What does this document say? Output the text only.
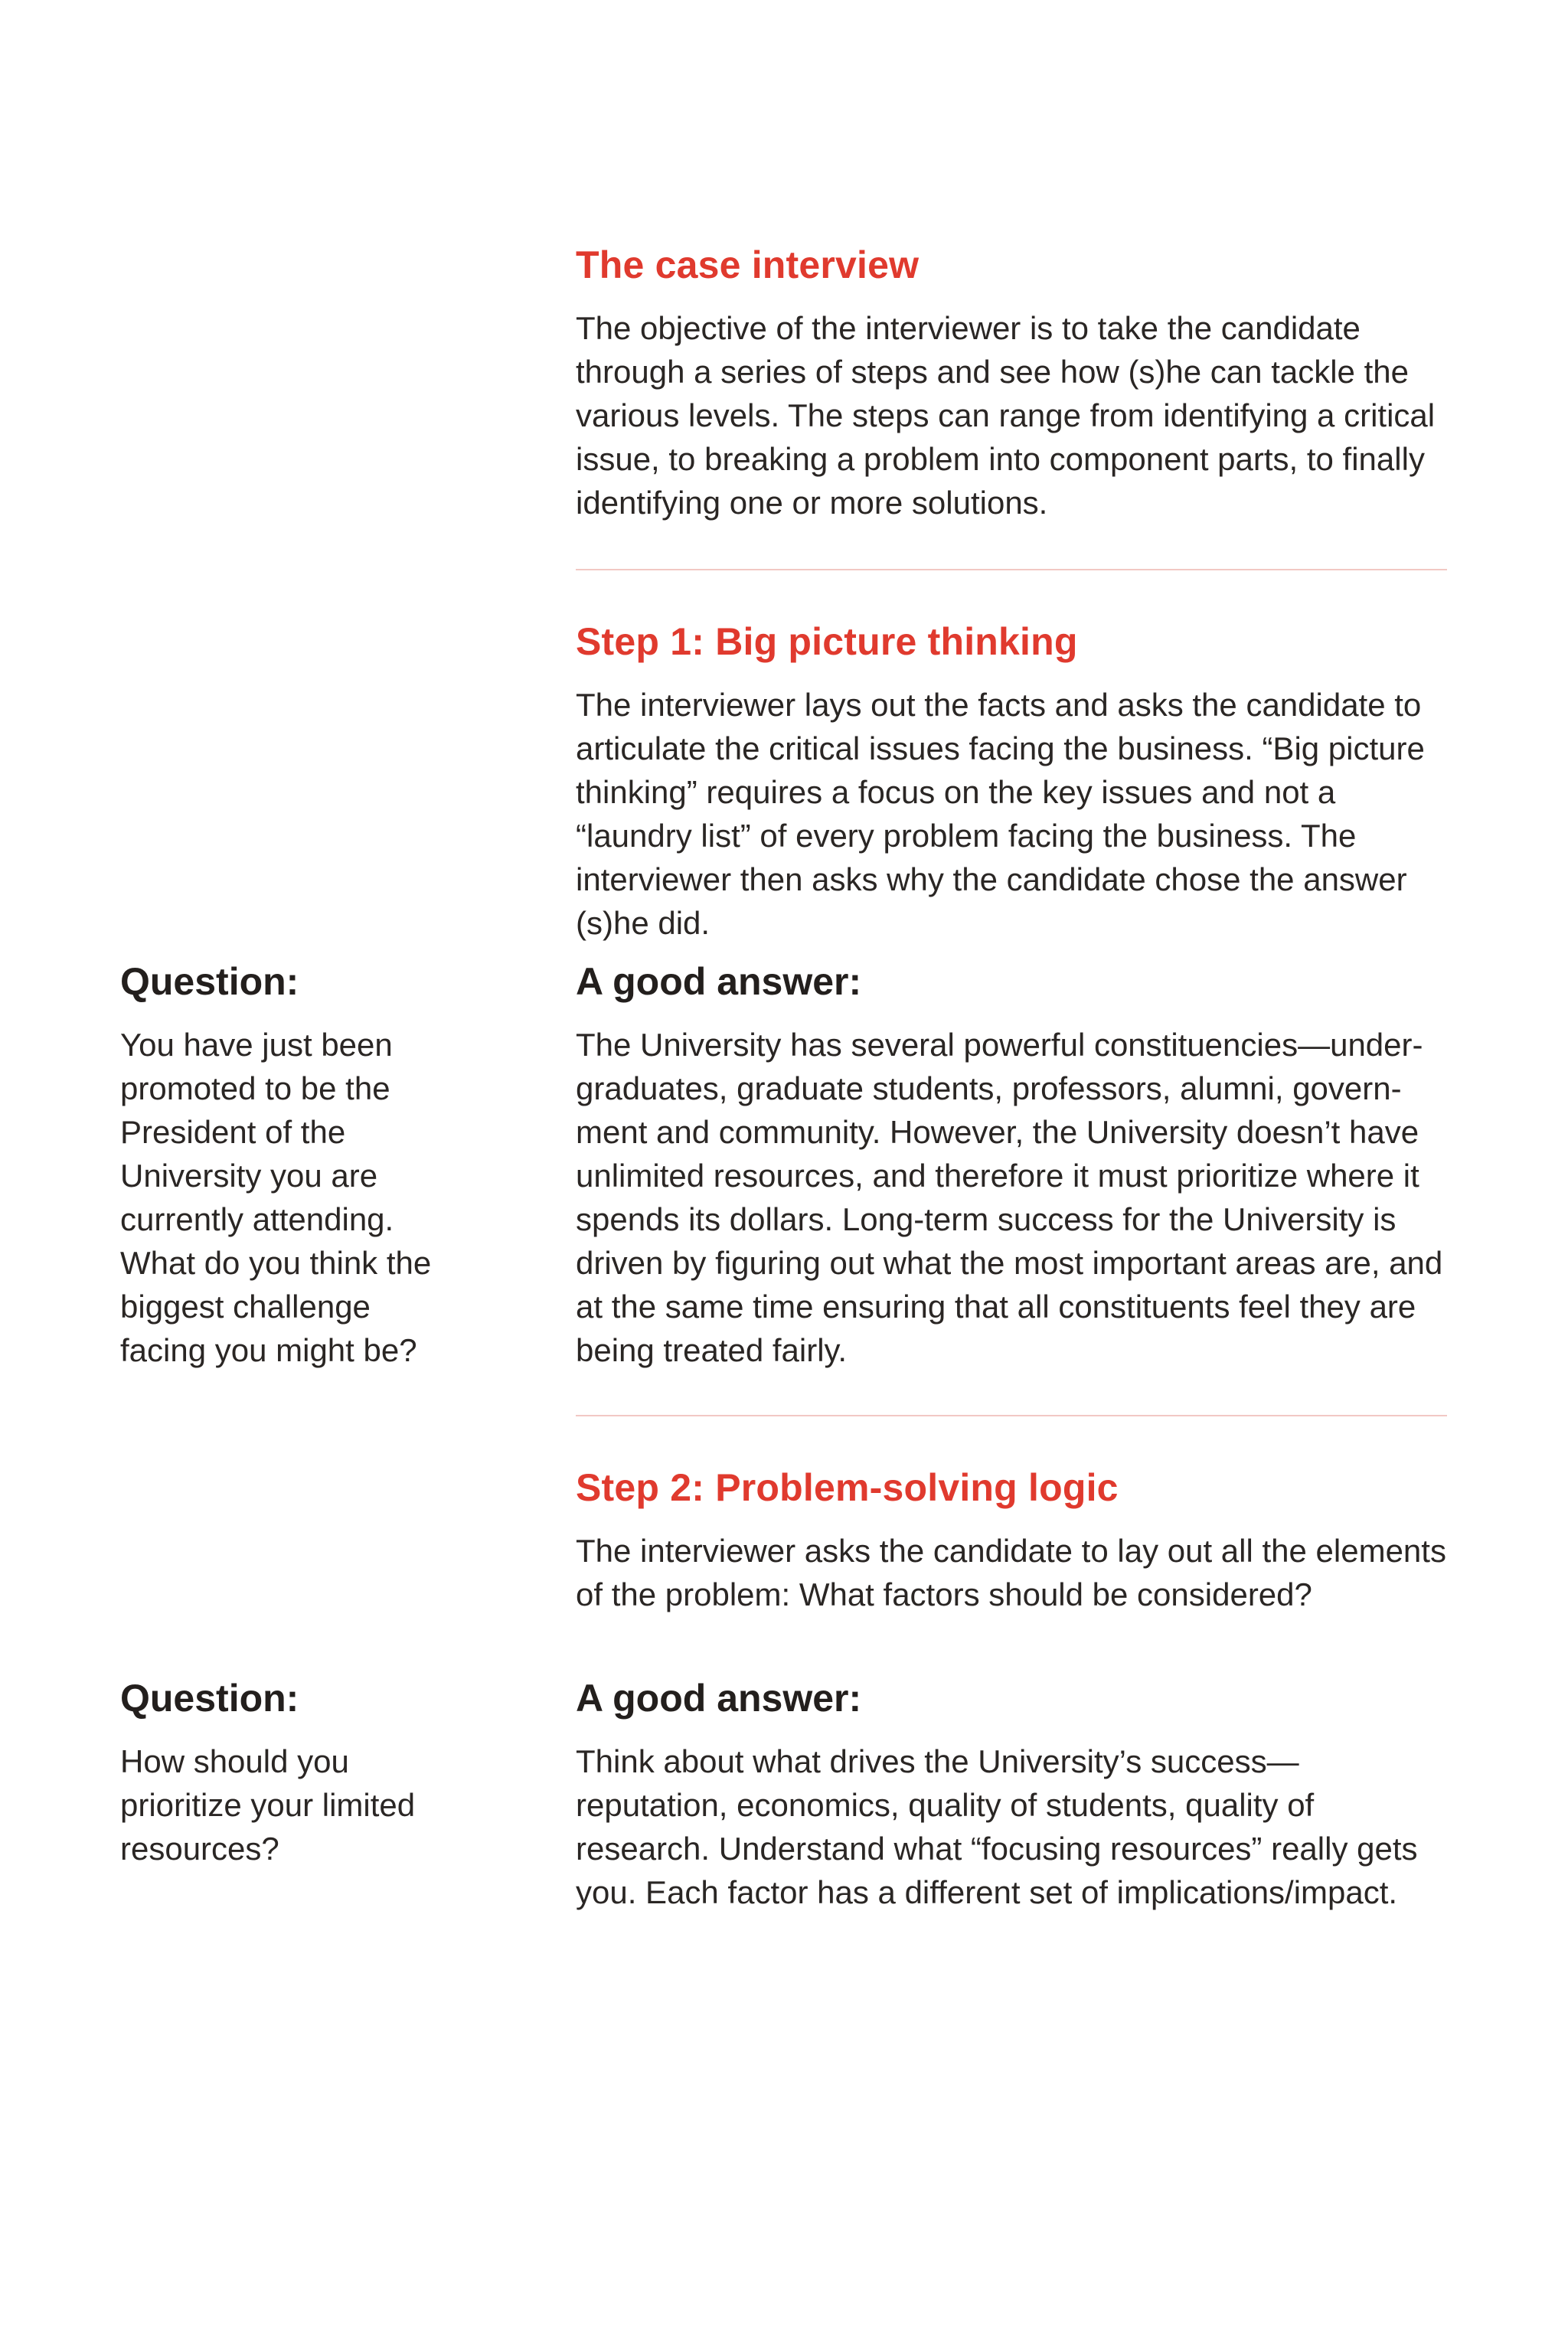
The case interview

The objective of the interviewer is to take the candidate through a series of steps and see how (s)he can tackle the various levels. The steps can range from identifying a critical issue, to breaking a problem into component parts, to finally identifying one or more solutions.

Step 1: Big picture thinking

The interviewer lays out the facts and asks the candidate to articulate the critical issues facing the business. “Big picture thinking” requires a focus on the key issues and not a “laundry list” of every problem facing the business. The interviewer then asks why the candidate chose the answer (s)he did.

Question:

You have just been promoted to be the President of the University you are currently attending. What do you think the biggest challenge facing you might be?

A good answer:

The University has several powerful constituencies—under-graduates, graduate students, professors, alumni, govern-ment and community. However, the University doesn’t have unlimited resources, and therefore it must prioritize where it spends its dollars. Long-term success for the University is driven by figuring out what the most important areas are, and at the same time ensuring that all constituents feel they are being treated fairly.

Step 2: Problem-solving logic

The interviewer asks the candidate to lay out all the elements of the problem: What factors should be considered?

Question:

How should you prioritize your limited resources?

A good answer:

Think about what drives the University’s success—reputation, economics, quality of students, quality of research. Understand what “focusing resources” really gets you. Each factor has a different set of implications/impact.
